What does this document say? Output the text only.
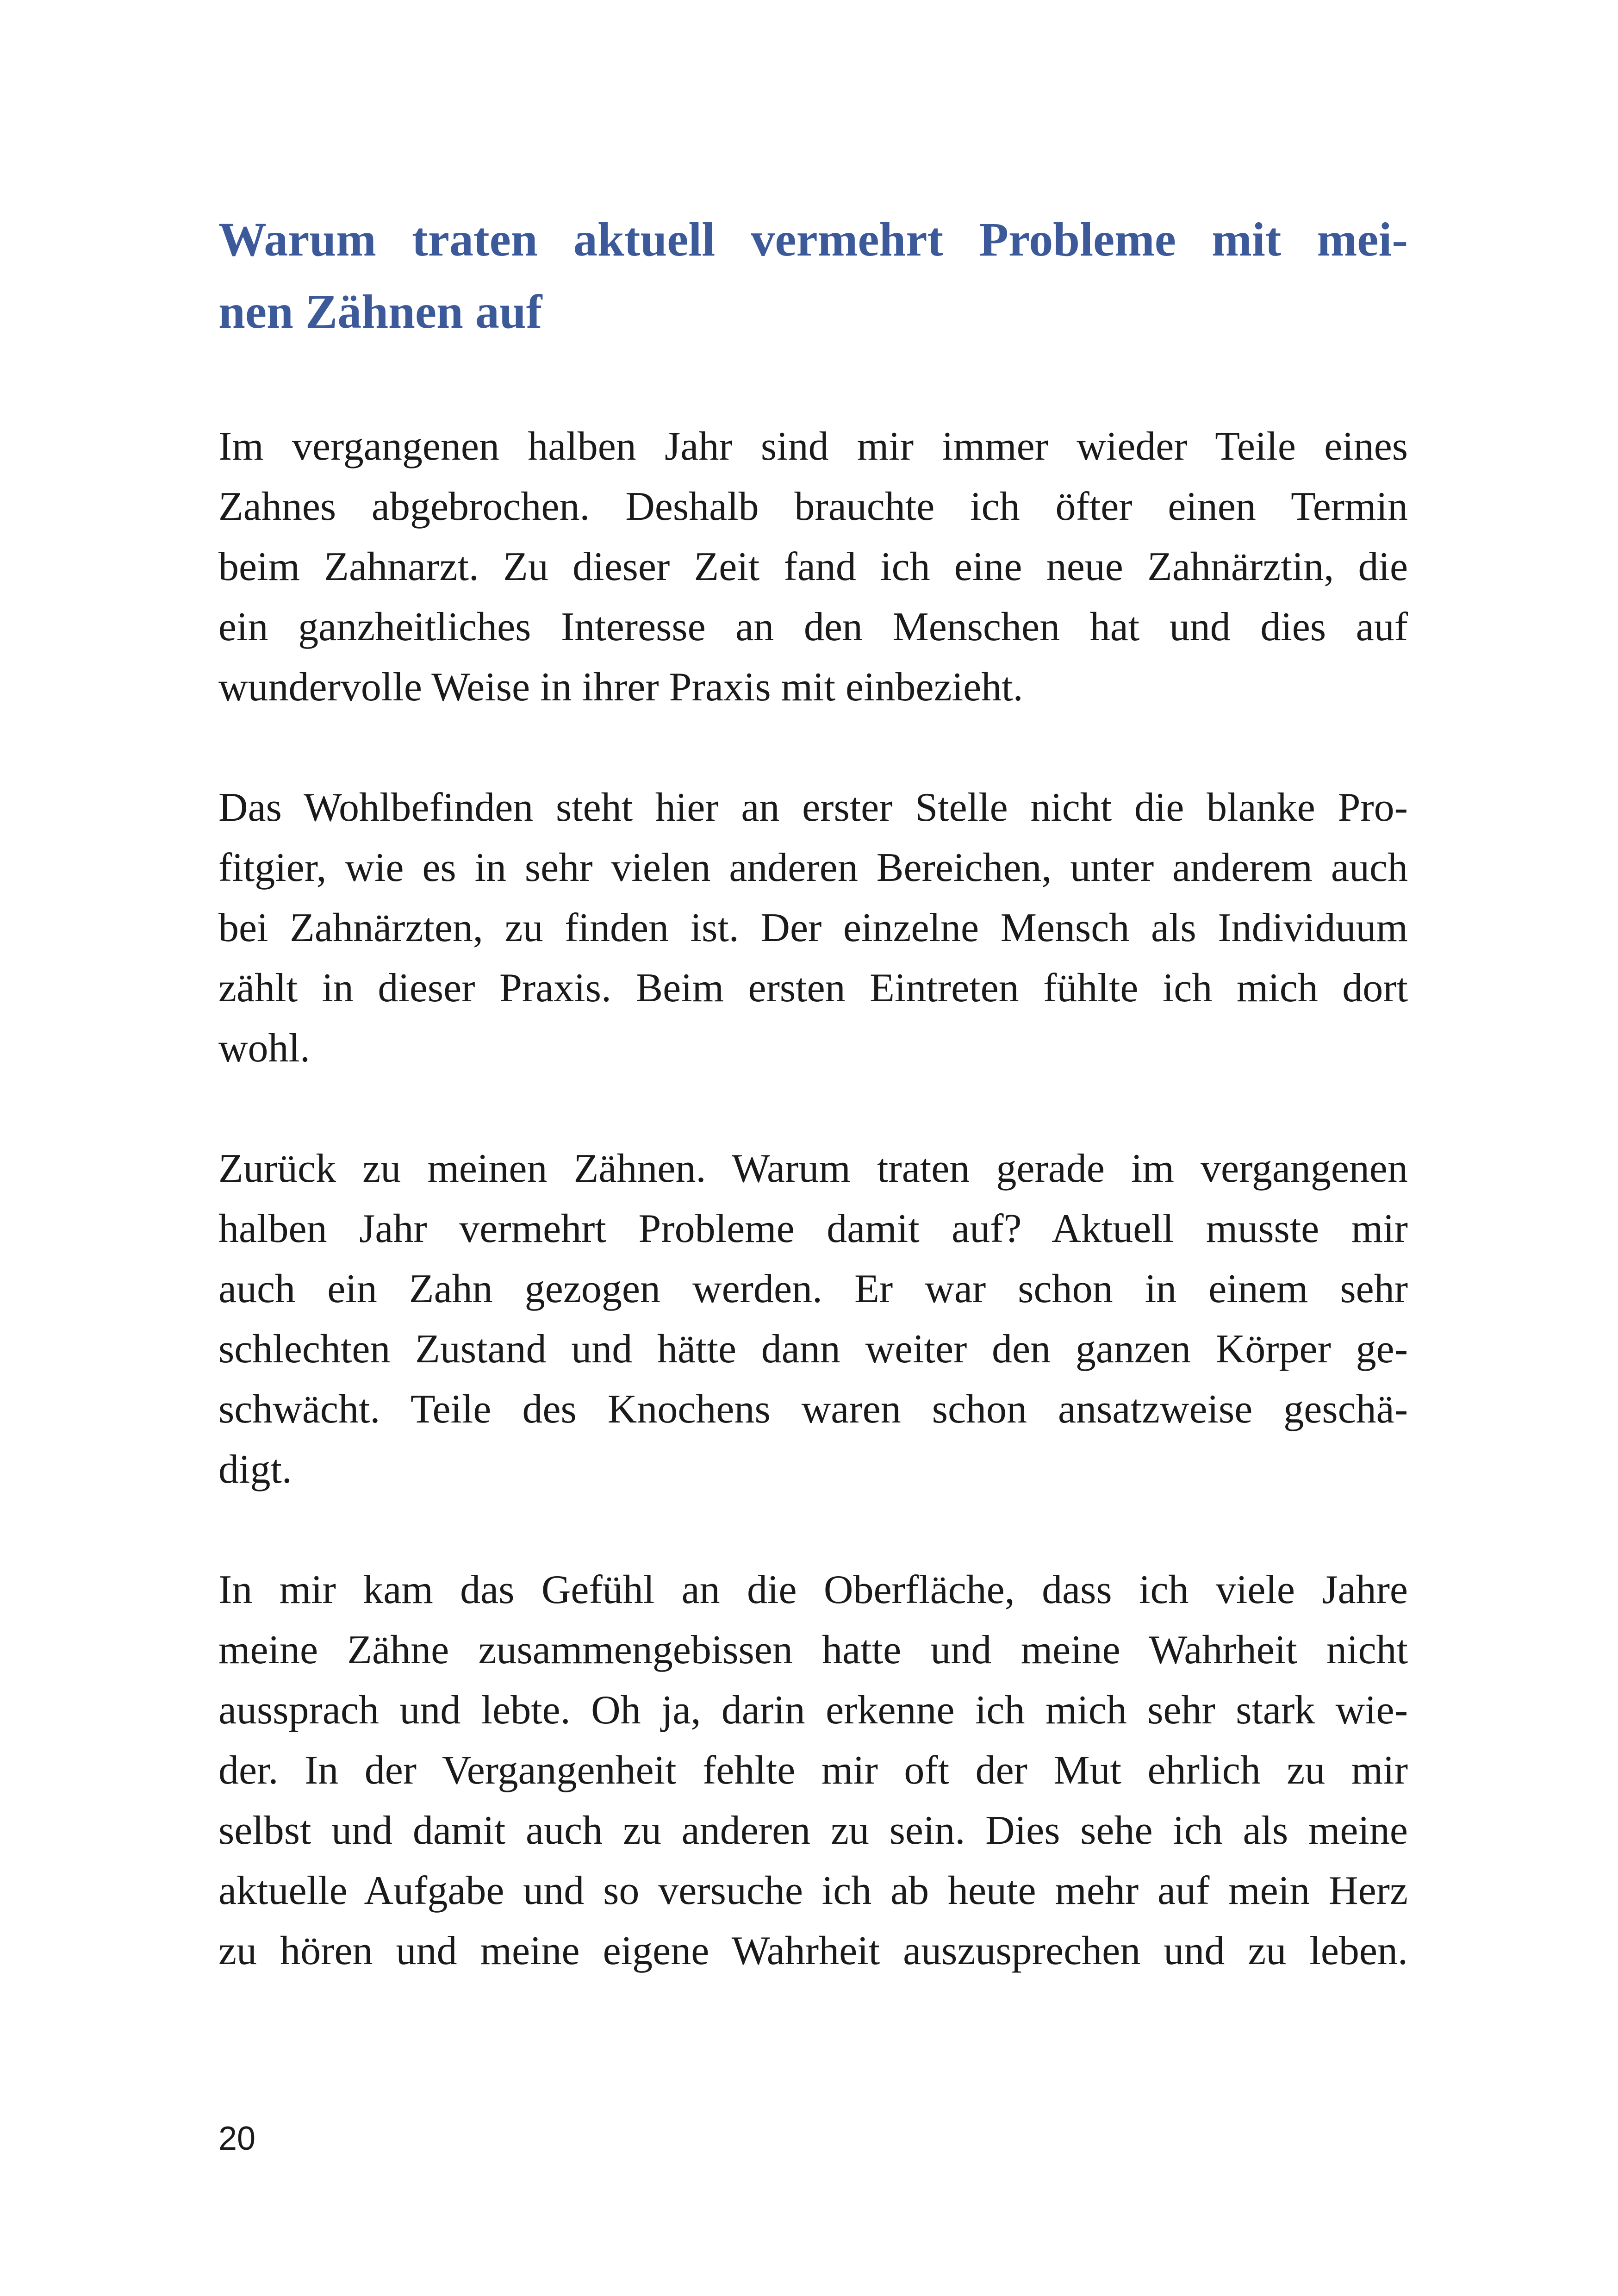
Warum traten aktuell vermehrt Probleme mit mei-
nen Zähnen auf

Im vergangenen halben Jahr sind mir immer wieder Teile eines
Zahnes abgebrochen. Deshalb brauchte ich öfter einen Termin
beim Zahnarzt. Zu dieser Zeit fand ich eine neue Zahnärztin, die
ein ganzheitliches Interesse an den Menschen hat und dies auf
wundervolle Weise in ihrer Praxis mit einbezieht.

Das Wohlbefinden steht hier an erster Stelle nicht die blanke Pro-
fitgier, wie es in sehr vielen anderen Bereichen, unter anderem auch
bei Zahnärzten, zu finden ist. Der einzelne Mensch als Individuum
zählt in dieser Praxis. Beim ersten Eintreten fühlte ich mich dort
wohl.

Zurück zu meinen Zähnen. Warum traten gerade im vergangenen
halben Jahr vermehrt Probleme damit auf? Aktuell musste mir
auch ein Zahn gezogen werden. Er war schon in einem sehr
schlechten Zustand und hätte dann weiter den ganzen Körper ge-
schwächt. Teile des Knochens waren schon ansatzweise geschä-
digt.

In mir kam das Gefühl an die Oberfläche, dass ich viele Jahre
meine Zähne zusammengebissen hatte und meine Wahrheit nicht
aussprach und lebte. Oh ja, darin erkenne ich mich sehr stark wie-
der. In der Vergangenheit fehlte mir oft der Mut ehrlich zu mir
selbst und damit auch zu anderen zu sein. Dies sehe ich als meine
aktuelle Aufgabe und so versuche ich ab heute mehr auf mein Herz
zu hören und meine eigene Wahrheit auszusprechen und zu leben.

20
